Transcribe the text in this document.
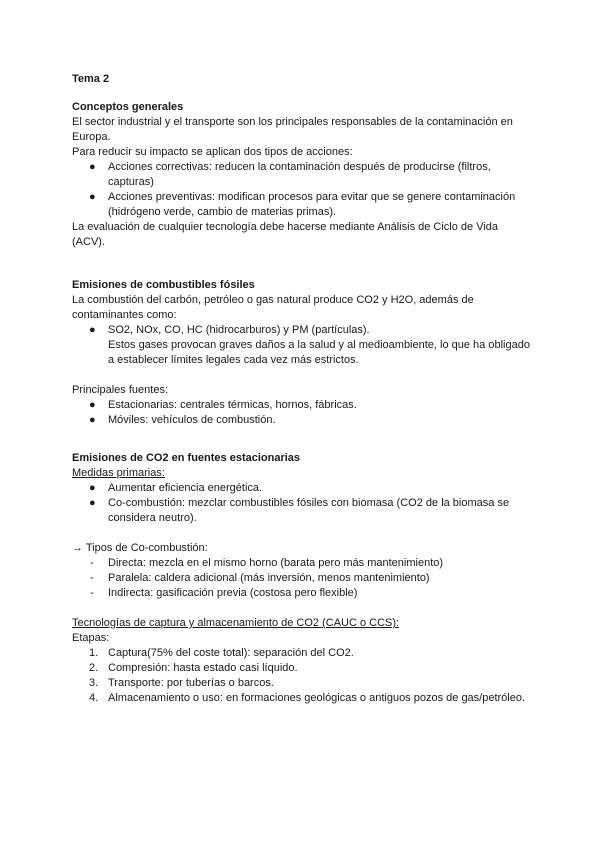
Tema 2

Conceptos generales

El sector industrial y el transporte son los principales responsables de la contaminación en Europa.

Para reducir su impacto se aplican dos tipos de acciones:

●	Acciones correctivas: reducen la contaminación después de producirse (filtros, capturas)
●	Acciones preventivas: modifican procesos para evitar que se genere contaminación (hidrógeno verde, cambio de materias primas).

La evaluación de cualquier tecnología debe hacerse mediante Análisis de Ciclo de Vida (ACV).

Emisiones de combustibles fósiles

La combustión del carbón, petróleo o gas natural produce CO2 y H2O, además de contaminantes como:

●	SO2, NOx, CO, HC (hidrocarburos) y PM (partículas).
Estos gases provocan graves daños a la salud y al medioambiente, lo que ha obligado a establecer límites legales cada vez más estrictos.

Principales fuentes:

●	Estacionarias: centrales térmicas, hornos, fábricas.
●	Móviles: vehículos de combustión.

Emisiones de CO2 en fuentes estacionarias

Medidas primarias:

●	Aumentar eficiencia energética.
●	Co-combustión: mezclar combustibles fósiles con biomasa (CO2 de la biomasa se considera neutro).

→ Tipos de Co-combustión:

-	Directa: mezcla en el mismo horno (barata pero más mantenimiento)
-	Paralela: caldera adicional (más inversión, menos mantenimiento)
-	Indirecta: gasificación previa (costosa pero flexible)

Tecnologías de captura y almacenamiento de CO2 (CAUC o CCS):

Etapas:

1. Captura(75% del coste total): separación del CO2.
2. Compresión: hasta estado casi líquido.
3. Transporte: por tuberías o barcos.
4. Almacenamiento o uso: en formaciones geológicas o antiguos pozos de gas/petróleo.
